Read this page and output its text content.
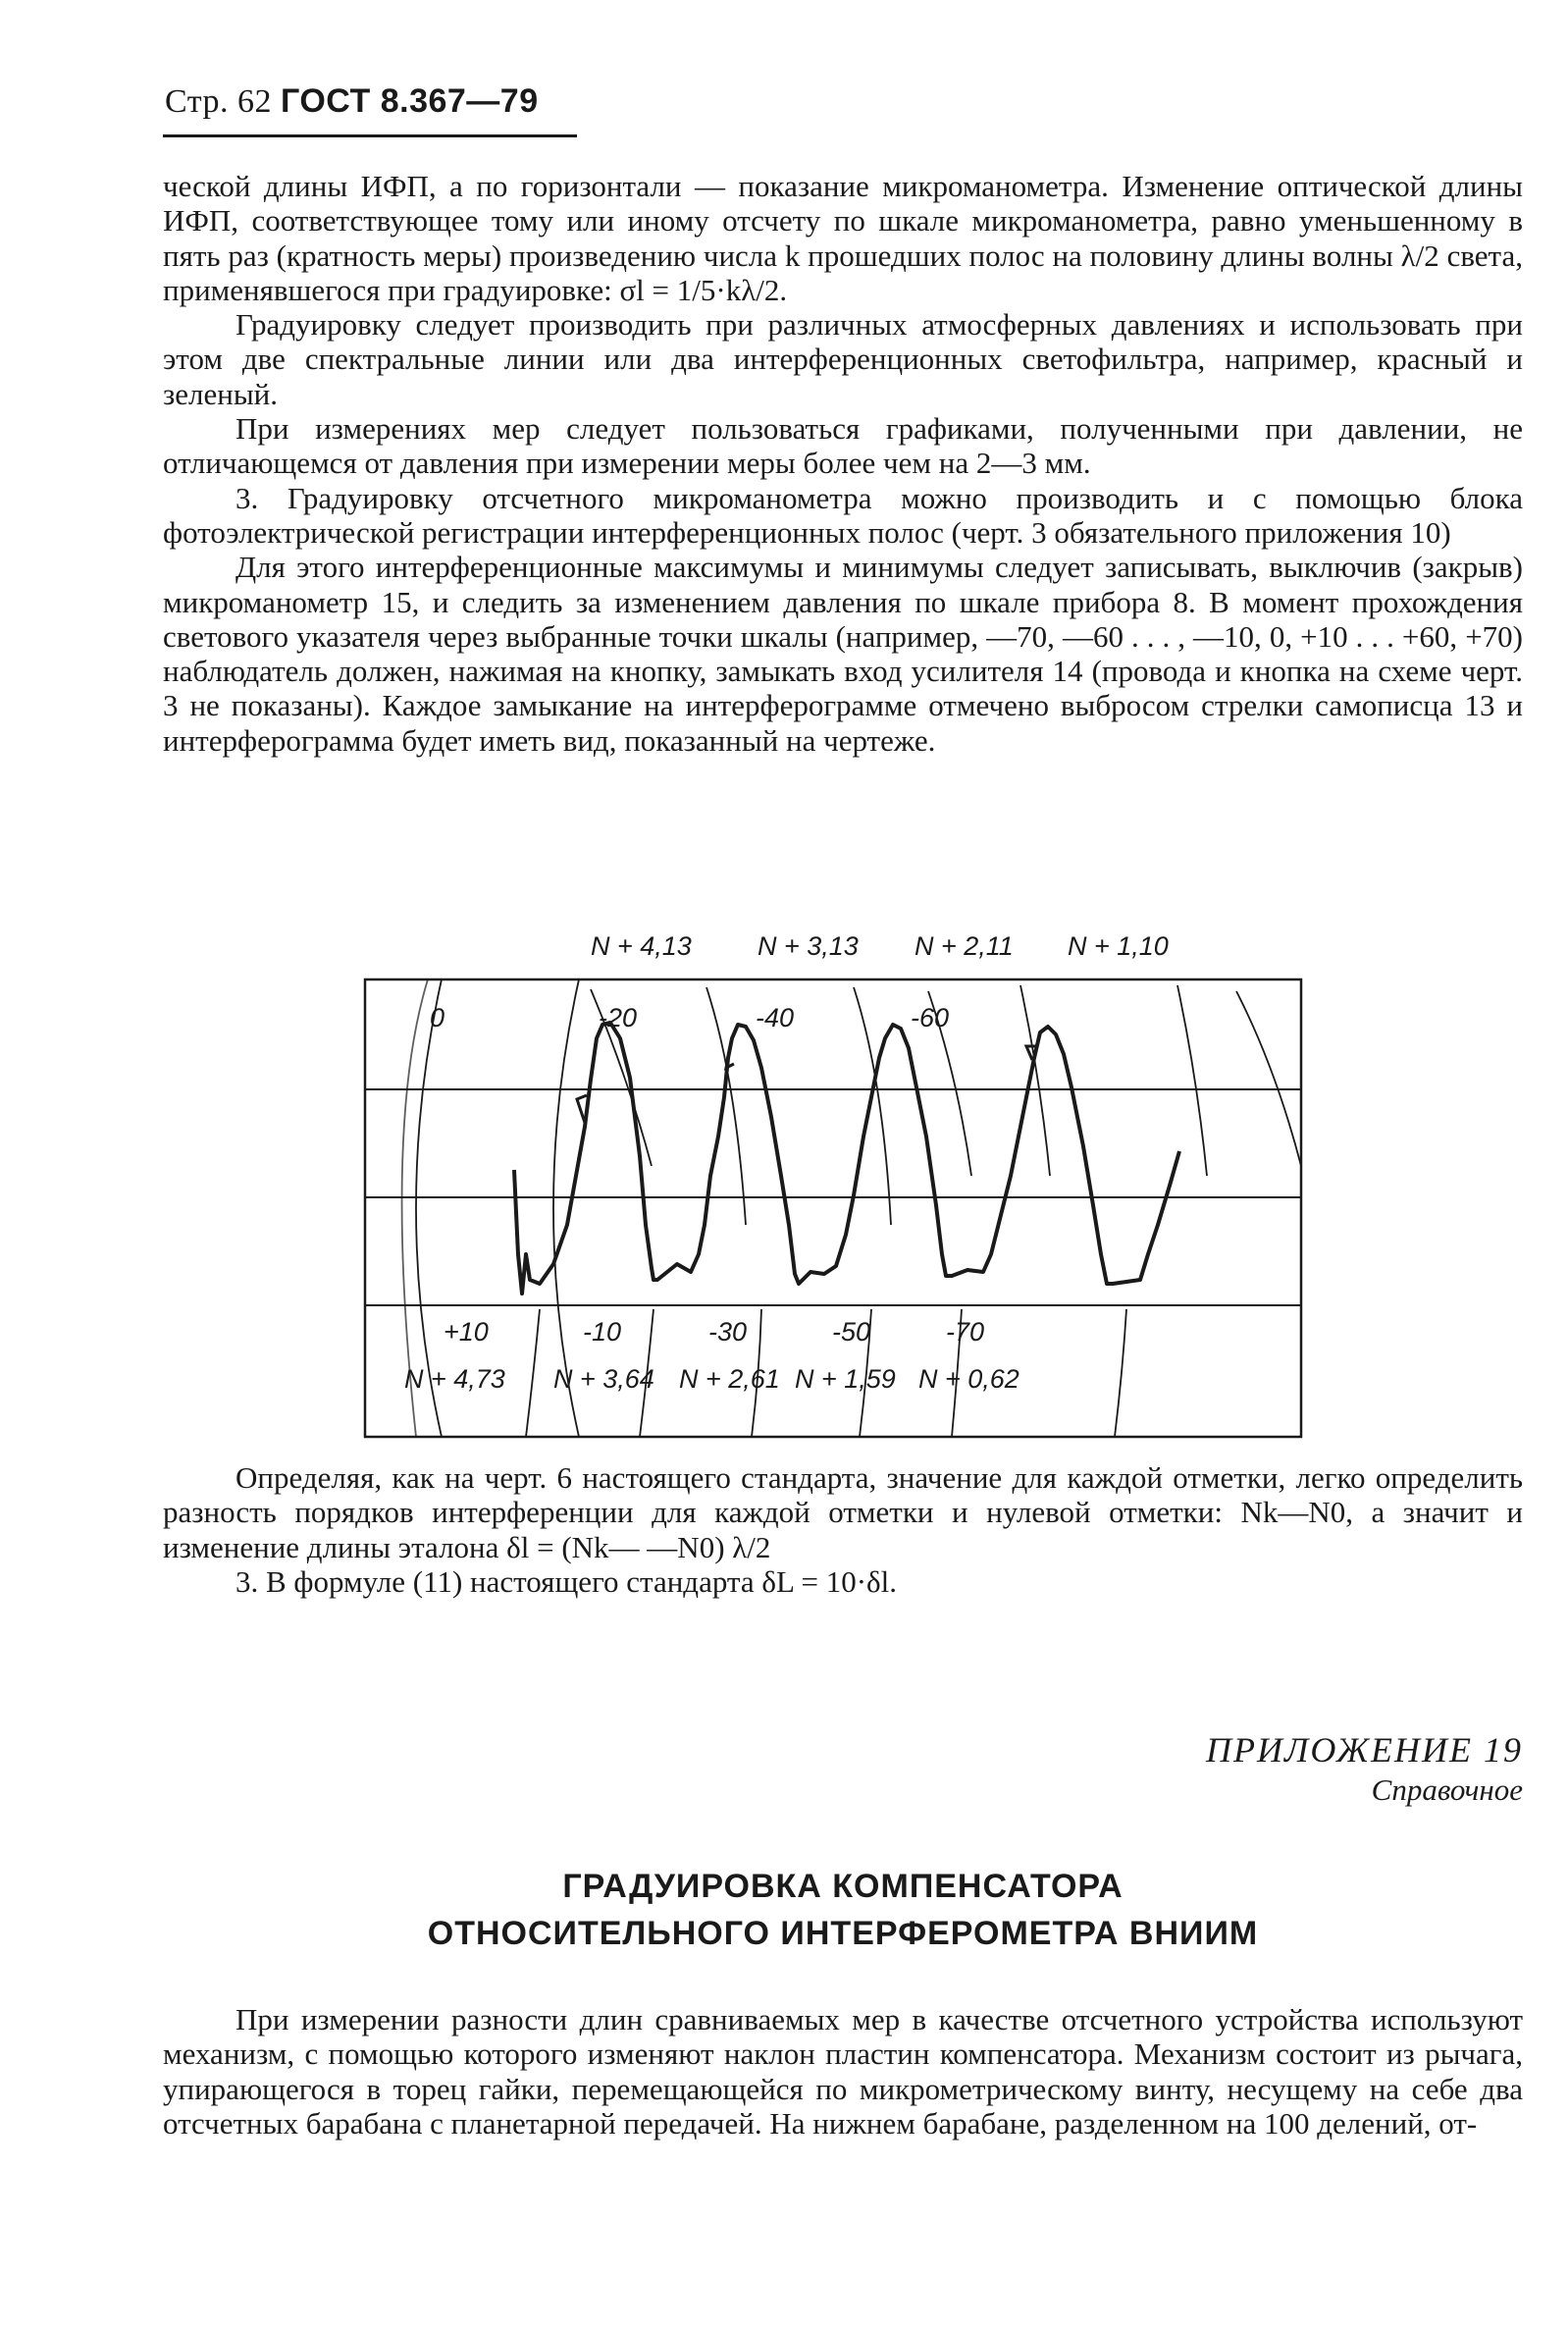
Стр. 62 ГОСТ 8.367—79

ческой длины ИФП, а по горизонтали — показание микроманометра. Изменение оптической длины ИФП, соответствующее тому или иному отсчету по шкале микроманометра, равно уменьшенному в пять раз (кратность меры) произведению числа k прошедших полос на половину длины волны λ/2 света, применявшегося при градуировке: σl = 1/5·kλ/2.

Градуировку следует производить при различных атмосферных давлениях и использовать при этом две спектральные линии или два интерференционных светофильтра, например, красный и зеленый.

При измерениях мер следует пользоваться графиками, полученными при давлении, не отличающемся от давления при измерении меры более чем на 2—3 мм.

3. Градуировку отсчетного микроманометра можно производить и с помощью блока фотоэлектрической регистрации интерференционных полос (черт. 3 обязательного приложения 10)

Для этого интерференционные максимумы и минимумы следует записывать, выключив (закрыв) микроманометр 15, и следить за изменением давления по шкале прибора 8. В момент прохождения светового указателя через выбранные точки шкалы (например, —70, —60 . . . , —10, 0, +10 . . . +60, +70) наблюдатель должен, нажимая на кнопку, замыкать вход усилителя 14 (провода и кнопка на схеме черт. 3 не показаны). Каждое замыкание на интерферограмме отмечено выбросом стрелки самописца 13 и интерферограмма будет иметь вид, показанный на чертеже.

N + 4,13 N + 3,13 N + 2,11 N + 1,10
0	-20	-40	-60
+10	-10	-30	-50	-70
N + 4,73 N + 3,64 N + 2,61 N + 1,59 N + 0,62

Определяя, как на черт. 6 настоящего стандарта, значение для каждой отметки, легко определить разность порядков интерференции для каждой отметки и нулевой отметки: Nk—N0, а значит и изменение длины эталона δl = (Nk— —N0) λ/2

3. В формуле (11) настоящего стандарта δL = 10·δl.

ПРИЛОЖЕНИЕ 19
Справочное
ГРАДУИРОВКА КОМПЕНСАТОРА
ОТНОСИТЕЛЬНОГО ИНТЕРФЕРОМЕТРА ВНИИМ

При измерении разности длин сравниваемых мер в качестве отсчетного устройства используют механизм, с помощью которого изменяют наклон пластин компенсатора. Механизм состоит из рычага, упирающегося в торец гайки, перемещающейся по микрометрическому винту, несущему на себе два отсчетных барабана с планетарной передачей. На нижнем барабане, разделенном на 100 делений, от-
